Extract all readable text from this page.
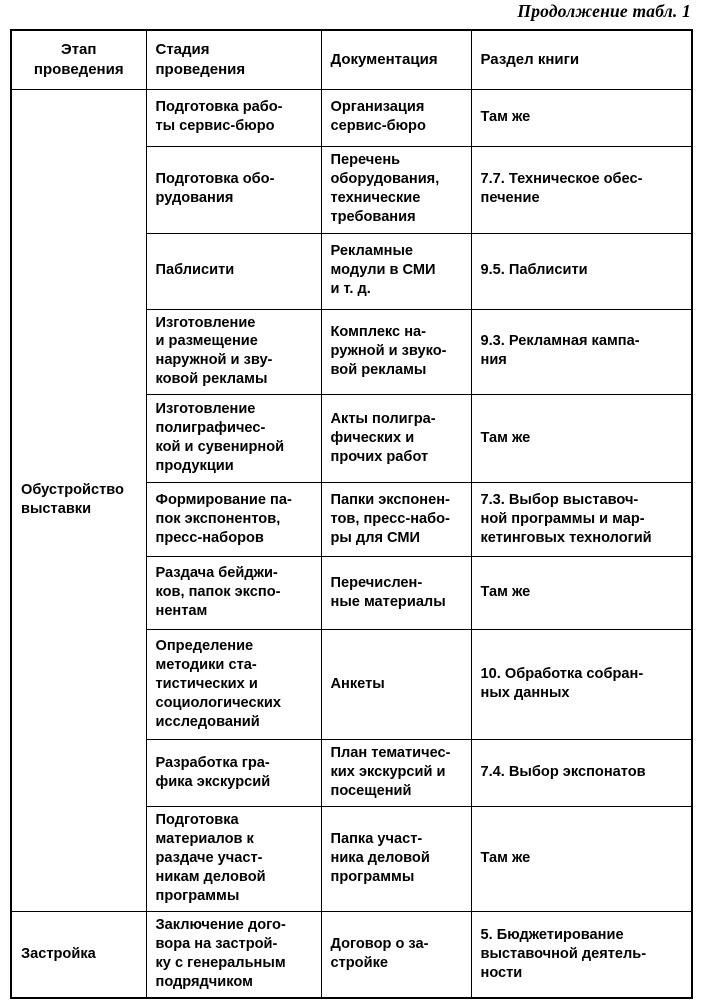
Продолжение табл. 1
Этап
проведения	Стадия
проведения	Документация	Раздел книги

Обустройство
выставки	Подготовка рабо-
ты сервис-бюро	Организация
сервис-бюро	Там же

	Подготовка обо-
рудования	Перечень
оборудования,
технические
требования	7.7. Техническое обес-
печение

	Паблисити	Рекламные
модули в СМИ
и т. д.	9.5. Паблисити

	Изготовление
и размещение
наружной и зву-
ковой рекламы	Комплекс на-
ружной и звуко-
вой рекламы	9.3. Рекламная кампа-
ния

	Изготовление
полиграфичес-
кой и сувенирной
продукции	Акты полигра-
фических и
прочих работ	Там же

	Формирование па-
пок экспонентов,
пресс-наборов	Папки экспонен-
тов, пресс-набо-
ры для СМИ	7.3. Выбор выставоч-
ной программы и мар-
кетинговых технологий

	Раздача бейджи-
ков, папок экспо-
нентам	Перечислен-
ные материалы	Там же

	Определение
методики ста-
тистических и
социологических
исследований	Анкеты	10. Обработка собран-
ных данных

	Разработка гра-
фика экскурсий	План тематичес-
ких экскурсий и
посещений	7.4. Выбор экспонатов

	Подготовка
материалов к
раздаче участ-
никам деловой
программы	Папка участ-
ника деловой
программы	Там же

Застройка	Заключение дого-
вора на застрой-
ку с генеральным
подрядчиком	Договор о за-
стройке	5. Бюджетирование
выставочной деятель-
ности
